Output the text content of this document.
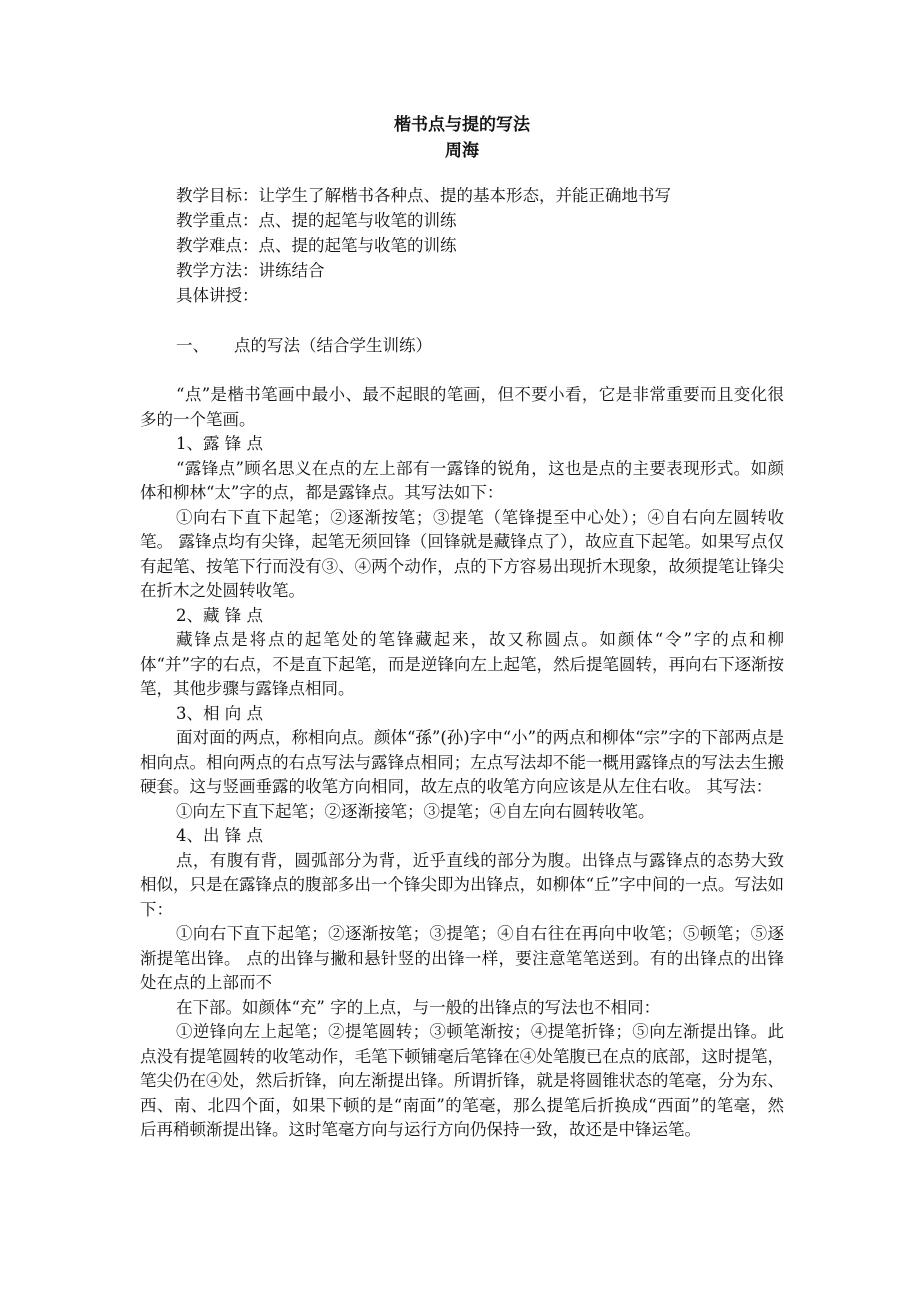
楷书点与提的写法

周海

教学目标：让学生了解楷书各种点、提的基本形态，并能正确地书写

教学重点：点、提的起笔与收笔的训练

教学难点：点、提的起笔与收笔的训练

教学方法：讲练结合

具体讲授：

一、 点的写法（结合学生训练）

“点”是楷书笔画中最小、最不起眼的笔画，但不要小看，它是非常重要而且变化很多的一个笔画。

1、露 锋 点

“露锋点”顾名思义在点的左上部有一露锋的锐角，这也是点的主要表现形式。如颜体和柳林“太”字的点，都是露锋点。其写法如下：

①向右下直下起笔；②逐渐按笔；③提笔（笔锋提至中心处）；④自右向左圆转收笔。 露锋点均有尖锋，起笔无须回锋（回锋就是藏锋点了），故应直下起笔。如果写点仅有起笔、按笔下行而没有③、④两个动作，点的下方容易出现折木现象，故须提笔让锋尖在折木之处圆转收笔。

2、藏 锋 点

藏锋点是将点的起笔处的笔锋藏起来，故又称圆点。如颜体“令”字的点和柳体“并”字的右点，不是直下起笔，而是逆锋向左上起笔，然后提笔圆转，再向右下逐渐按笔，其他步骤与露锋点相同。

3、相 向 点

面对面的两点，称相向点。颜体“孫”(孙)字中“小”的两点和柳体“宗”字的下部两点是相向点。相向两点的右点写法与露锋点相同；左点写法却不能一概用露锋点的写法去生搬硬套。这与竖画垂露的收笔方向相同，故左点的收笔方向应该是从左住右收。 其写法：

①向左下直下起笔；②逐渐接笔；③提笔；④自左向右圆转收笔。

4、出 锋 点

点，有腹有背，圆弧部分为背，近乎直线的部分为腹。出锋点与露锋点的态势大致相似，只是在露锋点的腹部多出一个锋尖即为出锋点，如柳体“丘”字中间的一点。写法如下：

①向右下直下起笔；②逐渐按笔；③提笔；④自右往在再向中收笔；⑤顿笔；⑤逐渐提笔出锋。 点的出锋与撇和悬针竖的出锋一样，要注意笔笔送到。有的出锋点的出锋处在点的上部而不

在下部。如颜体“充” 字的上点，与一般的出锋点的写法也不相同：

①逆锋向左上起笔；②提笔圆转；③顿笔渐按；④提笔折锋；⑤向左渐提出锋。此点没有提笔圆转的收笔动作，毛笔下顿铺毫后笔锋在④处笔腹已在点的底部，这时提笔，笔尖仍在④处，然后折锋，向左渐提出锋。所谓折锋，就是将圆锥状态的笔毫，分为东、西、南、北四个面，如果下顿的是“南面”的笔毫，那么提笔后折换成“西面”的笔毫，然后再稍顿渐提出锋。这时笔毫方向与运行方向仍保持一致，故还是中锋运笔。
